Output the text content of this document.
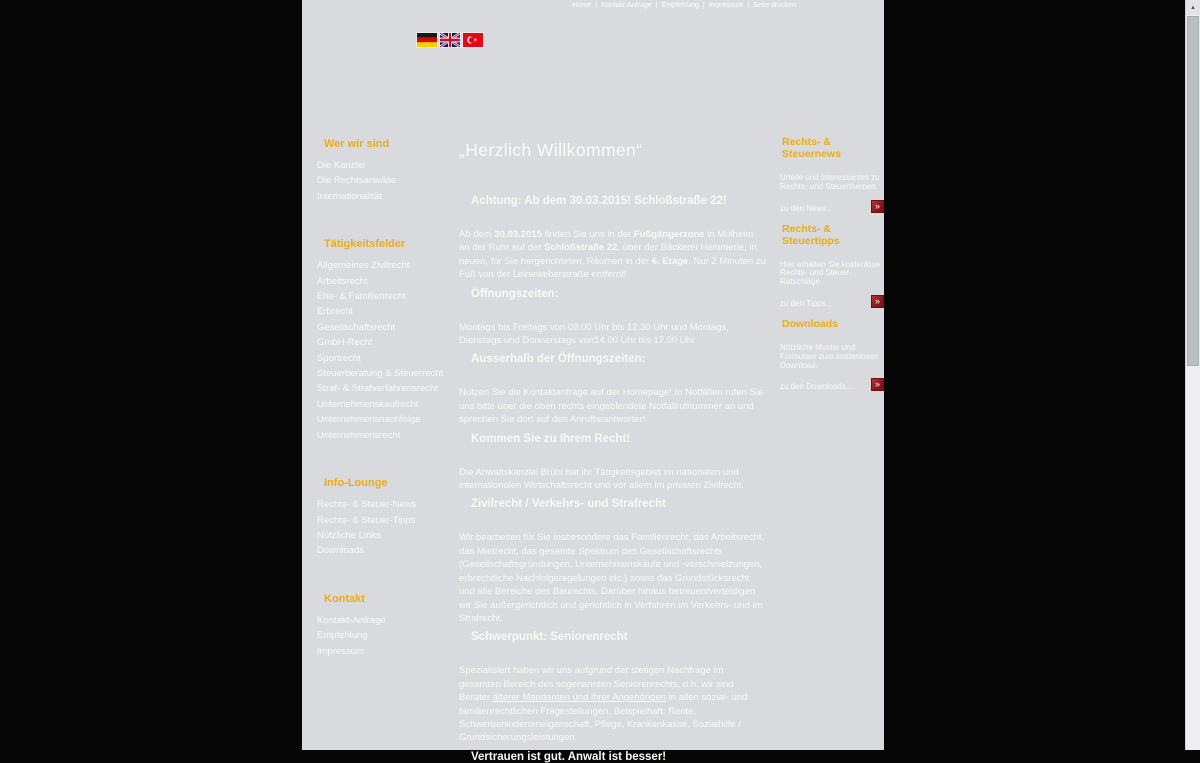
Home | Kontakt-Anfrage | Empfehlung | Impressum | Seite drucken
★
Wer wir sind
Die Kanzlei
Die Rechtsanwälte
Internationalität
Tätigkeitsfelder
Allgemeines Zivilrecht
Arbeitsrecht
Ehe- & Familienrecht
Erbrecht
Gesellschaftsrecht
GmbH-Recht
Sportrecht
Steuerberatung & Steuerrecht
Straf- & Strafverfahrensrecht
Unternehmenskaufrecht
Unternehmensnachfolge
Unternehmensrecht
Info-Lounge
Rechts- & Steuer-News
Rechts- & Steuer-Tipps
Nützliche Links
Downloads
Kontakt
Kontakt-Anfrage
Empfehlung
Impressum
„Herzlich Willkommen“
Achtung: Ab dem 30.03.2015! Schloßstraße 22!

Ab dem 30.03.2015 finden Sie uns in der Fußgängerzone in Mülheim an der Ruhr auf der Schloßstraße 22, über der Bäckerei Hemmerle, in neuen, für Sie hergerichteten, Räumen in der 6. Etage. Nur 2 Minuten zu Fuß von der Leineweberstraße entfernt!

Öffnungszeiten:

Montags bis Freitags von 09.00 Uhr bis 12.30 Uhr und Montags, Dienstags und Donnerstags von14.00 Uhr bis 17.00 Uhr

Ausserhalb der Öffnungszeiten:

Nutzen Sie die Kontaktanfrage auf der Homepage! In Notfällen rufen Sie uns bitte über die oben rechts eingeblendete Notfallrufnummer an und sprechen Sie dort auf den Anrufbeantworter!

Kommen Sie zu Ihrem Recht!

Die Anwaltskanzlei Brühl hat ihr Tätigkeitsgebiet im nationalen und internationalen Wirtschaftsrecht und vor allem im privaten Zivilrecht.

Zivilrecht / Verkehrs- und Strafrecht

Wir bearbeiten für Sie insbesondere das Familienrecht, das Arbeitsrecht, das Mietrecht, das gesamte Spektrum des Gesellschaftsrechts (Gesellschaftsgründungen, Unternehmenskäufe und -verschmelzungen, erbrechtliche Nachfolgeregelungen etc.) sowie das Grundstücksrecht und alle Bereiche des Baurechts. Darüber hinaus betreuen/verteidigen wir Sie außergerichtlich und gerichtlich in Verfahren im Verkehrs- und im Strafrecht.

Schwerpunkt: Seniorenrecht

Spezialisiert haben wir uns aufgrund der stetigen Nachfrage im gesamten Bereich des sogenannten Seniorenrechts, d.h. wir sind Berater älterer Mandanten und ihrer Angehörigen in allen sozial- und familienrechtlichen Fragestellungen. Beispielhaft: Rente, Schwerbehinderteneigenschaft, Pflege, Krankenkasse, Sozialhilfe / Grundsicherungsleistungen.

Vertrauen ist gut. Anwalt ist besser!
Rechts- & Steuernews
Urteile und Interessantes zu Rechts- und Steuerthemen.
zu den News...	»
Rechts- & Steuertipps
Hier erhalten Sie kostenlose Rechts- und Steuer-Ratschläge.
zu den Tipps...	»
Downloads
Nützliche Muster und Formulare zum kostenlosen Download.
zu den Downloads...	»
▲
